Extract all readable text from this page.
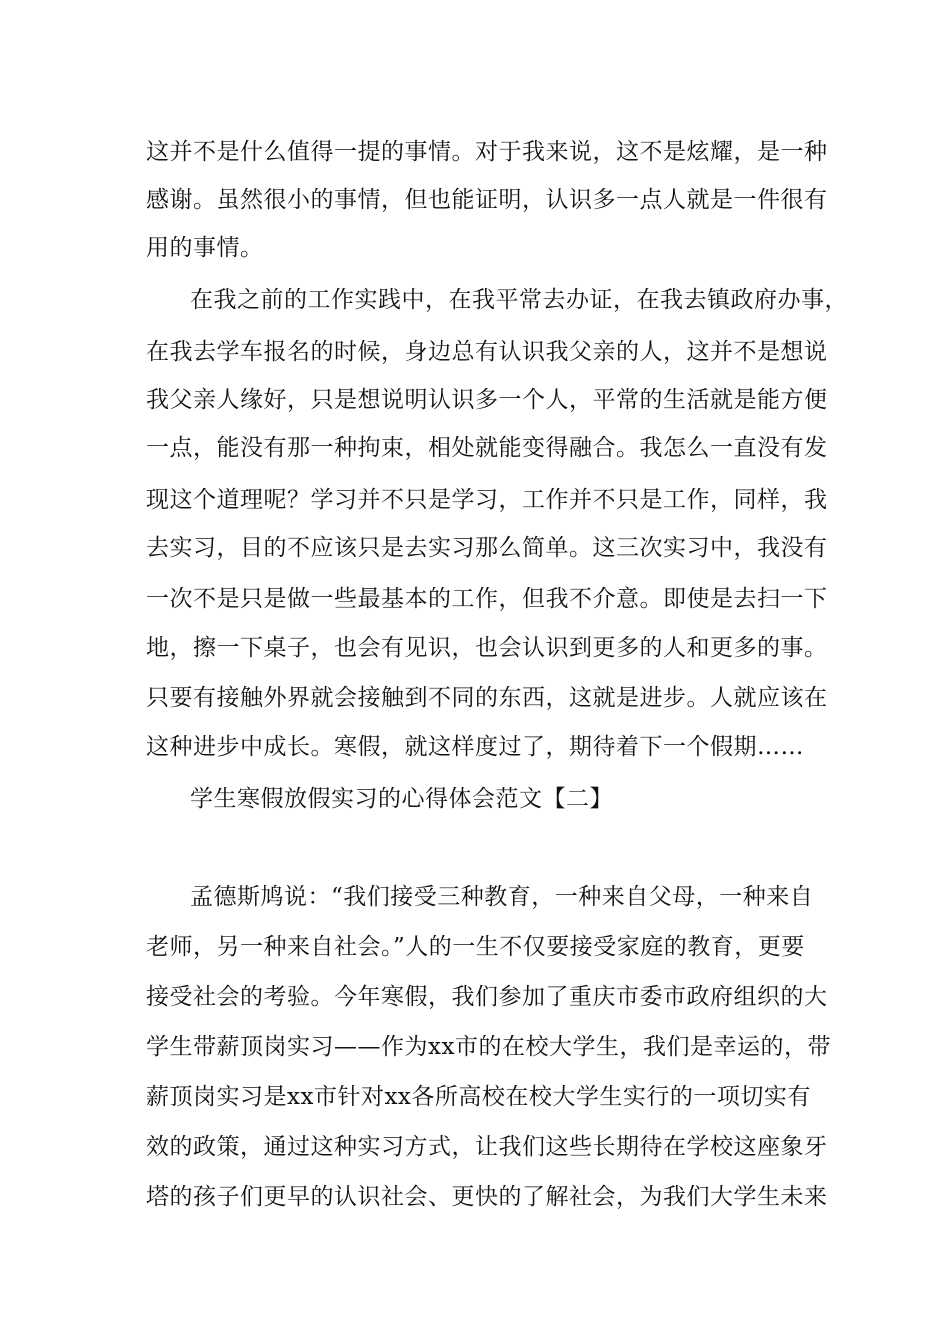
这并不是什么值得一提的事情。对于我来说，这不是炫耀，是一种
感谢。虽然很小的事情，但也能证明，认识多一点人就是一件很有
用的事情。
在我之前的工作实践中，在我平常去办证，在我去镇政府办事，
在我去学车报名的时候，身边总有认识我父亲的人，这并不是想说
我父亲人缘好，只是想说明认识多一个人，平常的生活就是能方便
一点，能没有那一种拘束，相处就能变得融合。我怎么一直没有发
现这个道理呢？学习并不只是学习，工作并不只是工作，同样，我
去实习，目的不应该只是去实习那么简单。这三次实习中，我没有
一次不是只是做一些最基本的工作，但我不介意。即使是去扫一下
地，擦一下桌子，也会有见识，也会认识到更多的人和更多的事。
只要有接触外界就会接触到不同的东西，这就是进步。人就应该在
这种进步中成长。寒假，就这样度过了，期待着下一个假期……
学生寒假放假实习的心得体会范文【二】
孟德斯鸠说：“我们接受三种教育，一种来自父母，一种来自
老师，另一种来自社会。”人的一生不仅要接受家庭的教育，更要
接受社会的考验。今年寒假，我们参加了重庆市委市政府组织的大
学生带薪顶岗实习——作为xx市的在校大学生，我们是幸运的，带
薪顶岗实习是xx市针对xx各所高校在校大学生实行的一项切实有
效的政策，通过这种实习方式，让我们这些长期待在学校这座象牙
塔的孩子们更早的认识社会、更快的了解社会，为我们大学生未来
